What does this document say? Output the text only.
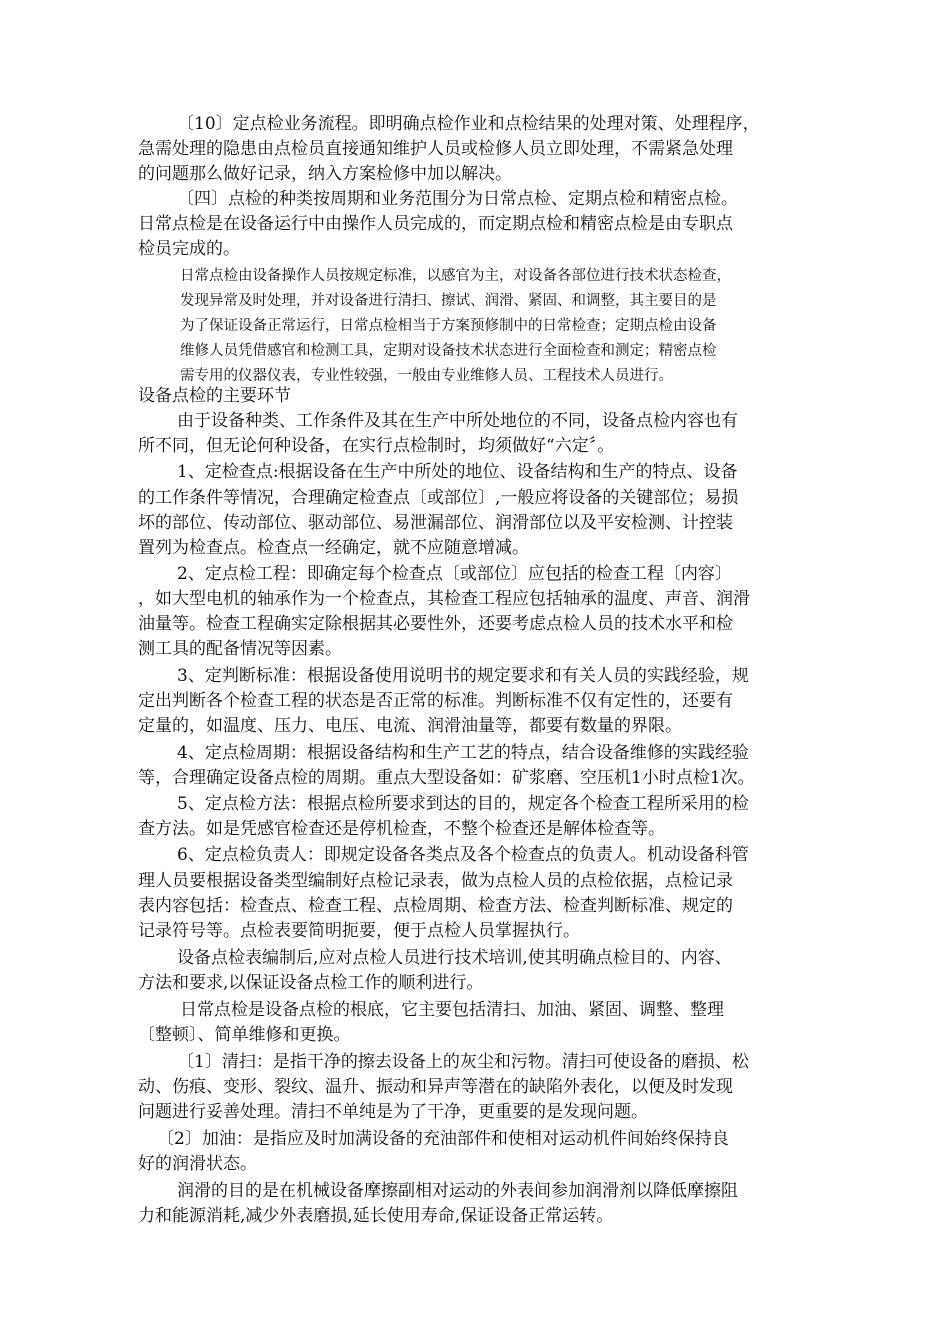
〔10〕定点检业务流程。即明确点检作业和点检结果的处理对策、处理程序，
急需处理的隐患由点检员直接通知维护人员或检修人员立即处理，不需紧急处理
的问题那么做好记录，纳入方案检修中加以解决。
〔四〕点检的种类按周期和业务范围分为日常点检、定期点检和精密点检。
日常点检是在设备运行中由操作人员完成的，而定期点检和精密点检是由专职点
检员完成的。
日常点检由设备操作人员按规定标准，以感官为主，对设备各部位进行技术状态检查，
发现异常及时处理，并对设备进行清扫、擦试、润滑、紧固、和调整，其主要目的是
为了保证设备正常运行，日常点检相当于方案预修制中的日常检查；定期点检由设备
维修人员凭借感官和检测工具，定期对设备技术状态进行全面检查和测定；精密点检
需专用的仪器仪表，专业性较强，一般由专业维修人员、工程技术人员进行。
设备点检的主要环节
由于设备种类、工作条件及其在生产中所处地位的不同，设备点检内容也有
所不同，但无论何种设备，在实行点检制时，均须做好“六定〞。
1、定检查点:根据设备在生产中所处的地位、设备结构和生产的特点、设备
的工作条件等情况，合理确定检查点〔或部位〕,一般应将设备的关键部位；易损
坏的部位、传动部位、驱动部位、易泄漏部位、润滑部位以及平安检测、计控装
置列为检查点。检查点一经确定，就不应随意增减。
2、定点检工程：即确定每个检查点〔或部位〕应包括的检查工程〔内容〕
，如大型电机的轴承作为一个检查点，其检查工程应包括轴承的温度、声音、润滑
油量等。检查工程确实定除根据其必要性外，还要考虑点检人员的技术水平和检
测工具的配备情况等因素。
3、定判断标准：根据设备使用说明书的规定要求和有关人员的实践经验，规
定出判断各个检查工程的状态是否正常的标准。判断标准不仅有定性的，还要有
定量的，如温度、压力、电压、电流、润滑油量等，都要有数量的界限。
4、定点检周期：根据设备结构和生产工艺的特点，结合设备维修的实践经验
等，合理确定设备点检的周期。重点大型设备如：矿浆磨、空压机1小时点检1次。
5、定点检方法：根据点检所要求到达的目的，规定各个检查工程所采用的检
查方法。如是凭感官检查还是停机检查，不整个检查还是解体检查等。
6、定点检负责人：即规定设备各类点及各个检查点的负责人。机动设备科管
理人员要根据设备类型编制好点检记录表，做为点检人员的点检依据，点检记录
表内容包括：检查点、检查工程、点检周期、检查方法、检查判断标准、规定的
记录符号等。点检表要简明扼要，便于点检人员掌握执行。
设备点检表编制后,应对点检人员进行技术培训,使其明确点检目的、内容、
方法和要求,以保证设备点检工作的顺利进行。
日常点检是设备点检的根底，它主要包括清扫、加油、紧固、调整、整理
〔整顿〕、简单维修和更换。
〔1〕清扫：是指干净的擦去设备上的灰尘和污物。清扫可使设备的磨损、松
动、伤痕、变形、裂纹、温升、振动和异声等潜在的缺陷外表化，以便及时发现
问题进行妥善处理。清扫不单纯是为了干净，更重要的是发现问题。
〔2〕加油：是指应及时加满设备的充油部件和使相对运动机件间始终保持良
好的润滑状态。
润滑的目的是在机械设备摩擦副相对运动的外表间参加润滑剂以降低摩擦阻
力和能源消耗,减少外表磨损,延长使用寿命,保证设备正常运转。
